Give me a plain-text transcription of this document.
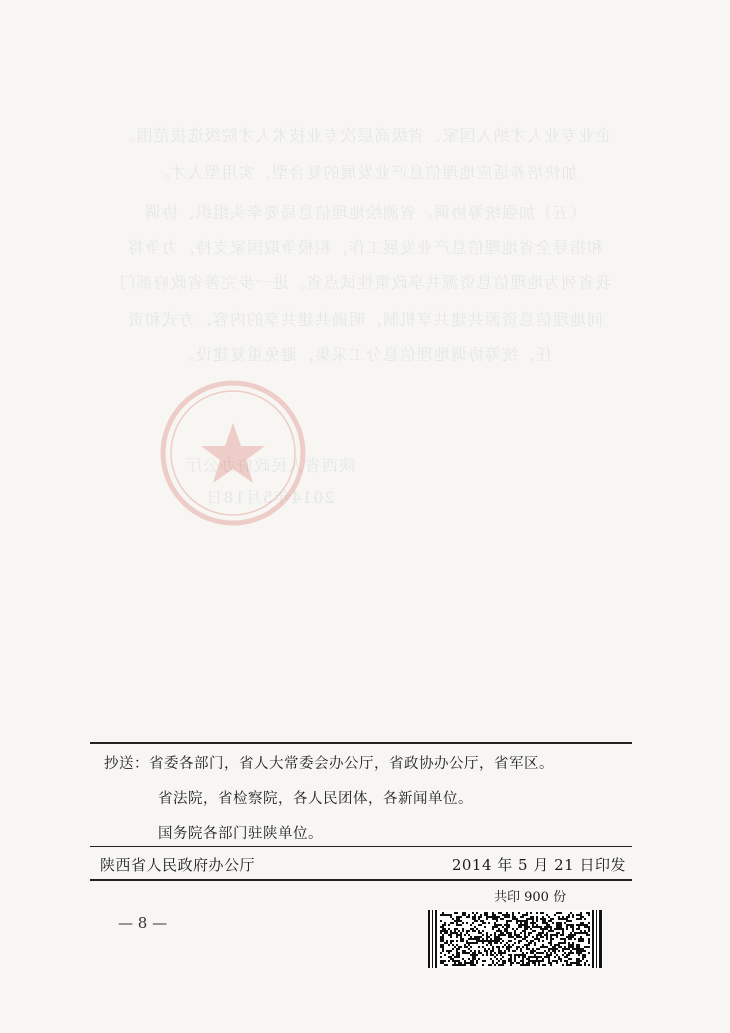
企业专业人才纳入国家、省级高层次专业技术人才院级选拔范围。
加快培养适应地理信息产业发展的复合型、实用型人才。
（五）加强统筹协调。省测绘地理信息局要牵头组织、协调
和指导全省地理信息产业发展工作，积极争取国家支持，力争将
我省列为地理信息资源共享政策性试点省。进一步完善省政府部门
间地理信息资源共建共享机制，明确共建共享的内容、方式和责
任，统筹协调地理信息分工采集，避免重复建设。
陕西省人民政府办公厅
2014年5月18日
抄送：省委各部门，省人大常委会办公厅，省政协办公厅，省军区。
省法院，省检察院，各人民团体，各新闻单位。
国务院各部门驻陕单位。
陕西省人民政府办公厅	2014 年 5 月 21 日印发
共印 900 份
— 8 —
